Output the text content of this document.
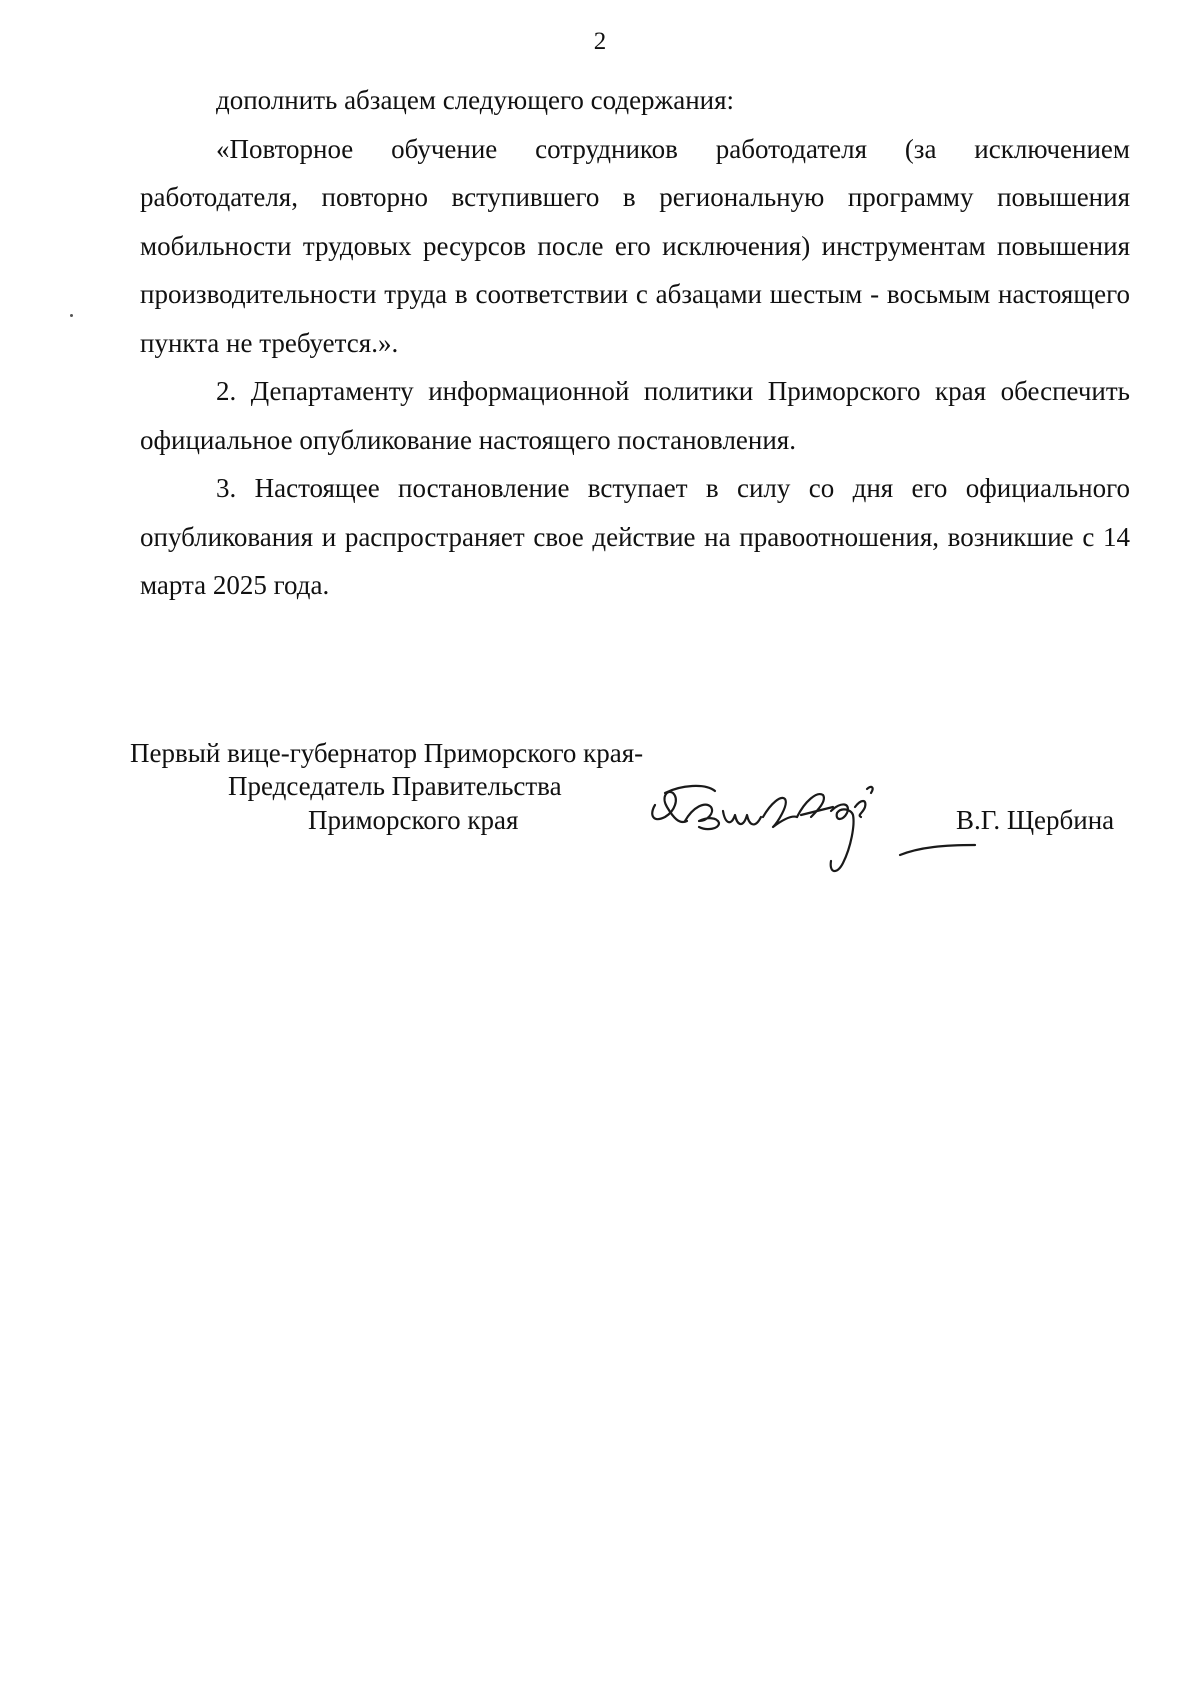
2

дополнить абзацем следующего содержания:

«Повторное обучение сотрудников работодателя (за исключением работодателя, повторно вступившего в региональную программу повышения мобильности трудовых ресурсов после его исключения) инструментам повышения производительности труда в соответствии с абзацами шестым - восьмым настоящего пункта не требуется.».

2. Департаменту информационной политики Приморского края обеспечить официальное опубликование настоящего постановления.

3. Настоящее постановление вступает в силу со дня его официального опубликования и распространяет свое действие на правоотношения, возникшие с 14 марта 2025 года.

Первый вице-губернатор Приморского края-
Председатель Правительства
Приморского края	В.Г. Щербина
